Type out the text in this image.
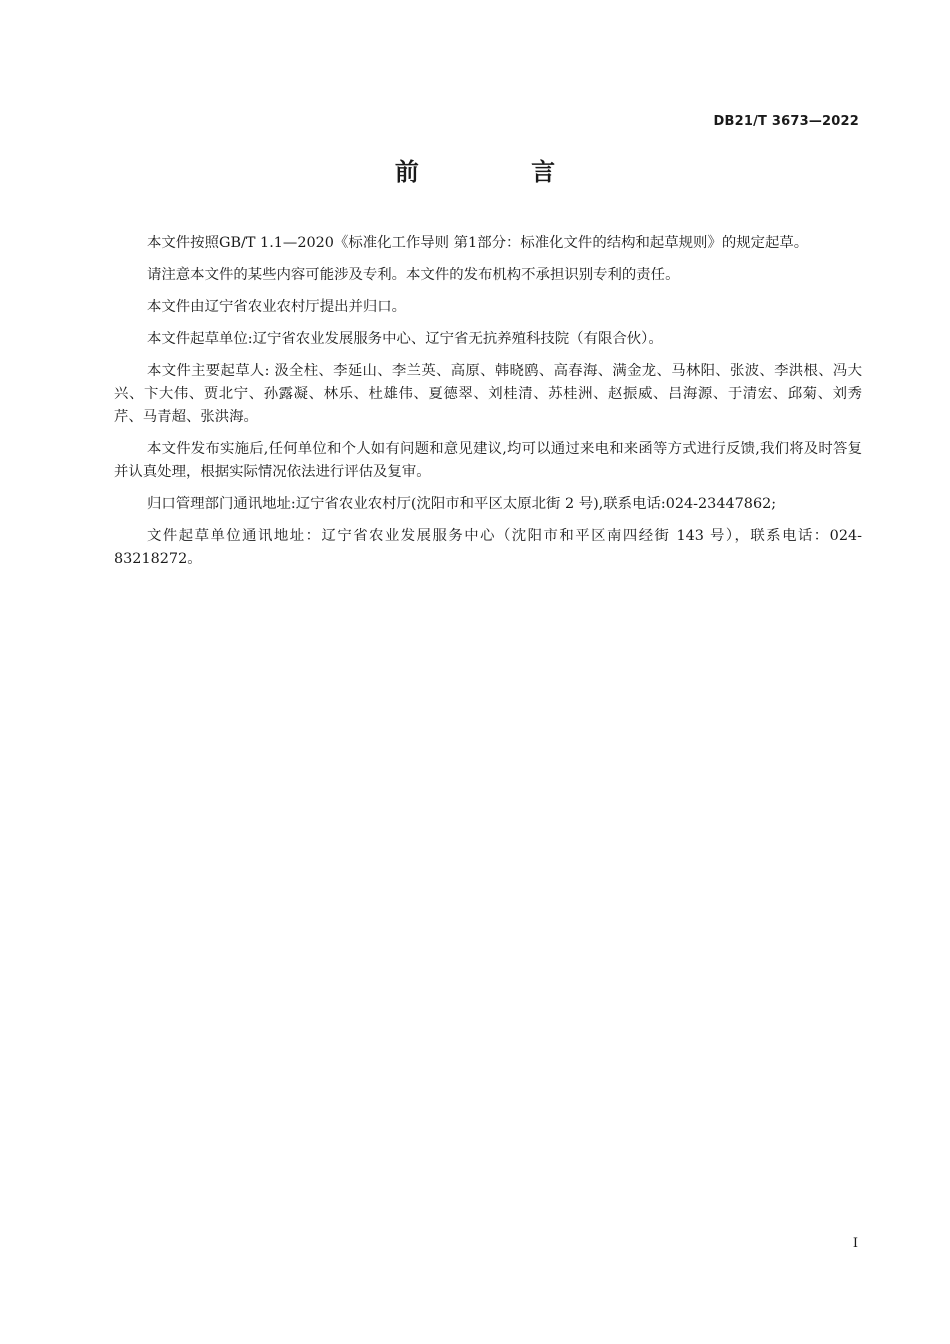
DB21/T 3673—2022
前 言

本文件按照GB/T 1.1—2020《标准化工作导则 第1部分：标准化文件的结构和起草规则》的规定起草。

请注意本文件的某些内容可能涉及专利。本文件的发布机构不承担识别专利的责任。

本文件由辽宁省农业农村厅提出并归口。

本文件起草单位:辽宁省农业发展服务中心、辽宁省无抗养殖科技院（有限合伙）。

本文件主要起草人: 汲全柱、李延山、李兰英、高原、韩晓鸥、高春海、满金龙、马林阳、张波、李洪根、冯大兴、卞大伟、贾北宁、孙露凝、林乐、杜雄伟、夏德翠、刘桂清、苏桂洲、赵振威、吕海源、于清宏、邱菊、刘秀芹、马青超、张洪海。

本文件发布实施后,任何单位和个人如有问题和意见建议,均可以通过来电和来函等方式进行反馈,我们将及时答复并认真处理，根据实际情况依法进行评估及复审。

归口管理部门通讯地址:辽宁省农业农村厅(沈阳市和平区太原北街 2 号),联系电话:024-23447862;

文件起草单位通讯地址：辽宁省农业发展服务中心（沈阳市和平区南四经街 143 号），联系电话：024-83218272。

I
